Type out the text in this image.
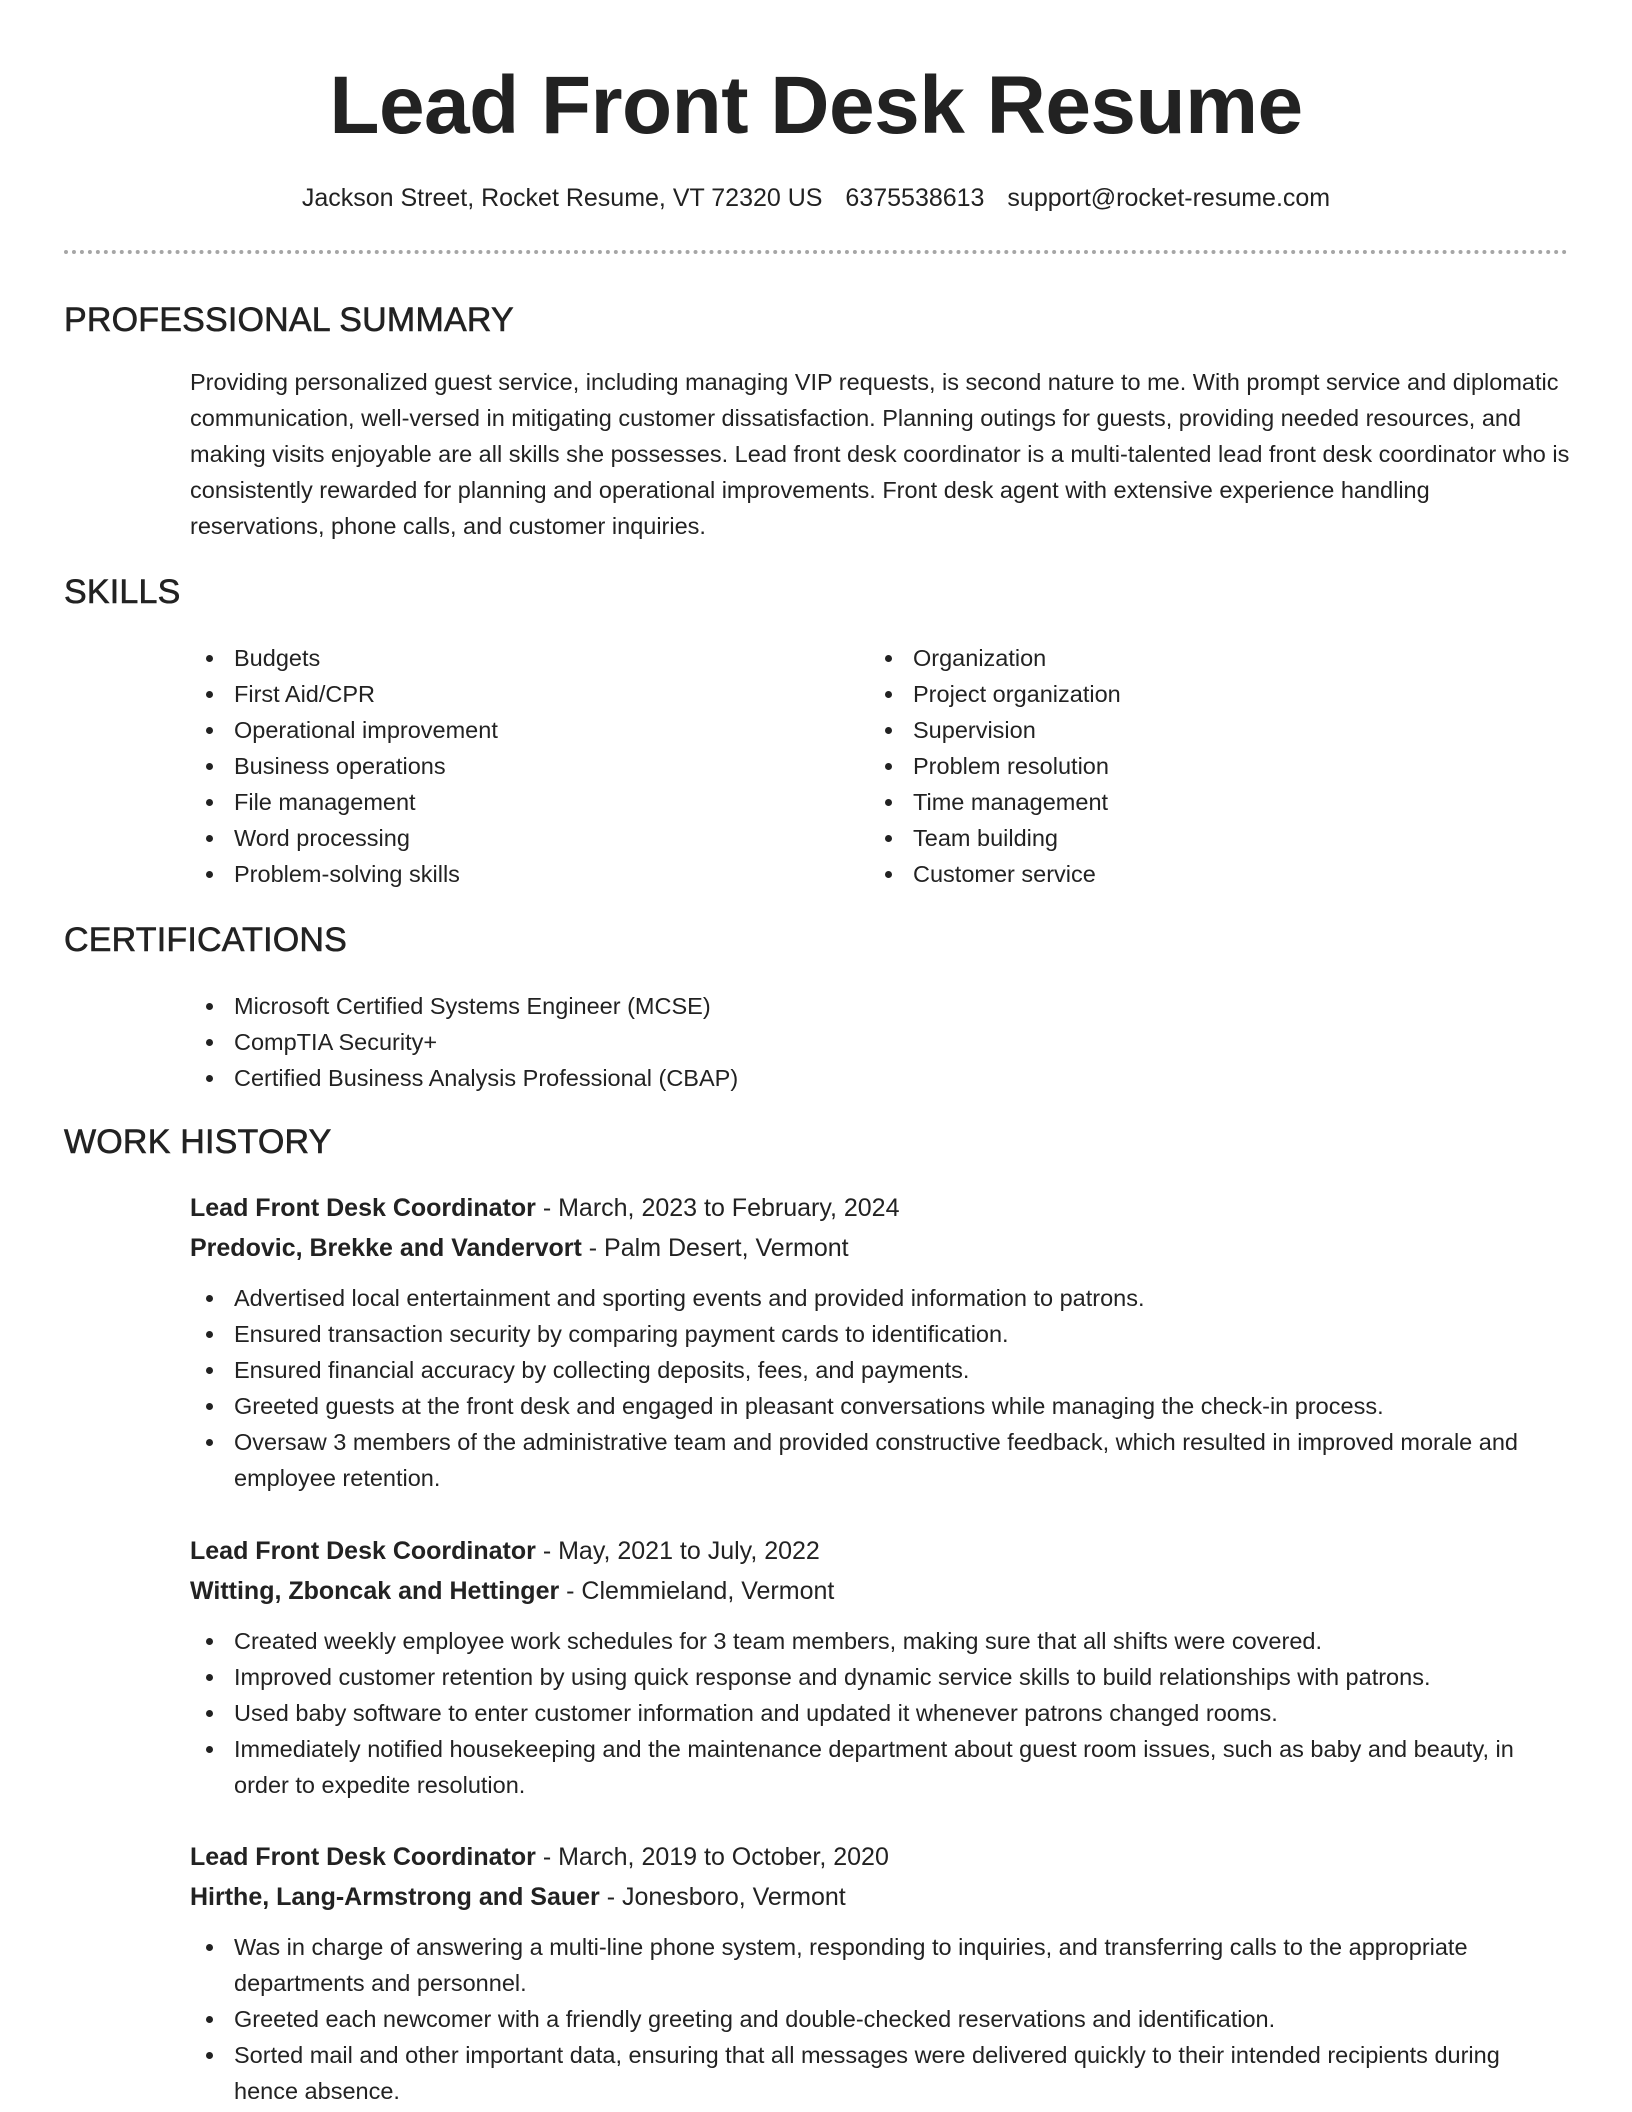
Lead Front Desk Resume
Jackson Street, Rocket Resume, VT 72320 US 6375538613 support@rocket-resume.com
PROFESSIONAL SUMMARY
Providing personalized guest service, including managing VIP requests, is second nature to me. With prompt service and diplomatic communication, well-versed in mitigating customer dissatisfaction. Planning outings for guests, providing needed resources, and making visits enjoyable are all skills she possesses. Lead front desk coordinator is a multi-talented lead front desk coordinator who is consistently rewarded for planning and operational improvements. Front desk agent with extensive experience handling reservations, phone calls, and customer inquiries.
SKILLS
Budgets
First Aid/CPR
Operational improvement
Business operations
File management
Word processing
Problem-solving skills
Organization
Project organization
Supervision
Problem resolution
Time management
Team building
Customer service
CERTIFICATIONS
Microsoft Certified Systems Engineer (MCSE)
CompTIA Security+
Certified Business Analysis Professional (CBAP)
WORK HISTORY
Lead Front Desk Coordinator - March, 2023 to February, 2024
Predovic, Brekke and Vandervort - Palm Desert, Vermont
Advertised local entertainment and sporting events and provided information to patrons.
Ensured transaction security by comparing payment cards to identification.
Ensured financial accuracy by collecting deposits, fees, and payments.
Greeted guests at the front desk and engaged in pleasant conversations while managing the check-in process.
Oversaw 3 members of the administrative team and provided constructive feedback, which resulted in improved morale and employee retention.
Lead Front Desk Coordinator - May, 2021 to July, 2022
Witting, Zboncak and Hettinger - Clemmieland, Vermont
Created weekly employee work schedules for 3 team members, making sure that all shifts were covered.
Improved customer retention by using quick response and dynamic service skills to build relationships with patrons.
Used baby software to enter customer information and updated it whenever patrons changed rooms.
Immediately notified housekeeping and the maintenance department about guest room issues, such as baby and beauty, in order to expedite resolution.
Lead Front Desk Coordinator - March, 2019 to October, 2020
Hirthe, Lang-Armstrong and Sauer - Jonesboro, Vermont
Was in charge of answering a multi-line phone system, responding to inquiries, and transferring calls to the appropriate departments and personnel.
Greeted each newcomer with a friendly greeting and double-checked reservations and identification.
Sorted mail and other important data, ensuring that all messages were delivered quickly to their intended recipients during hence absence.
